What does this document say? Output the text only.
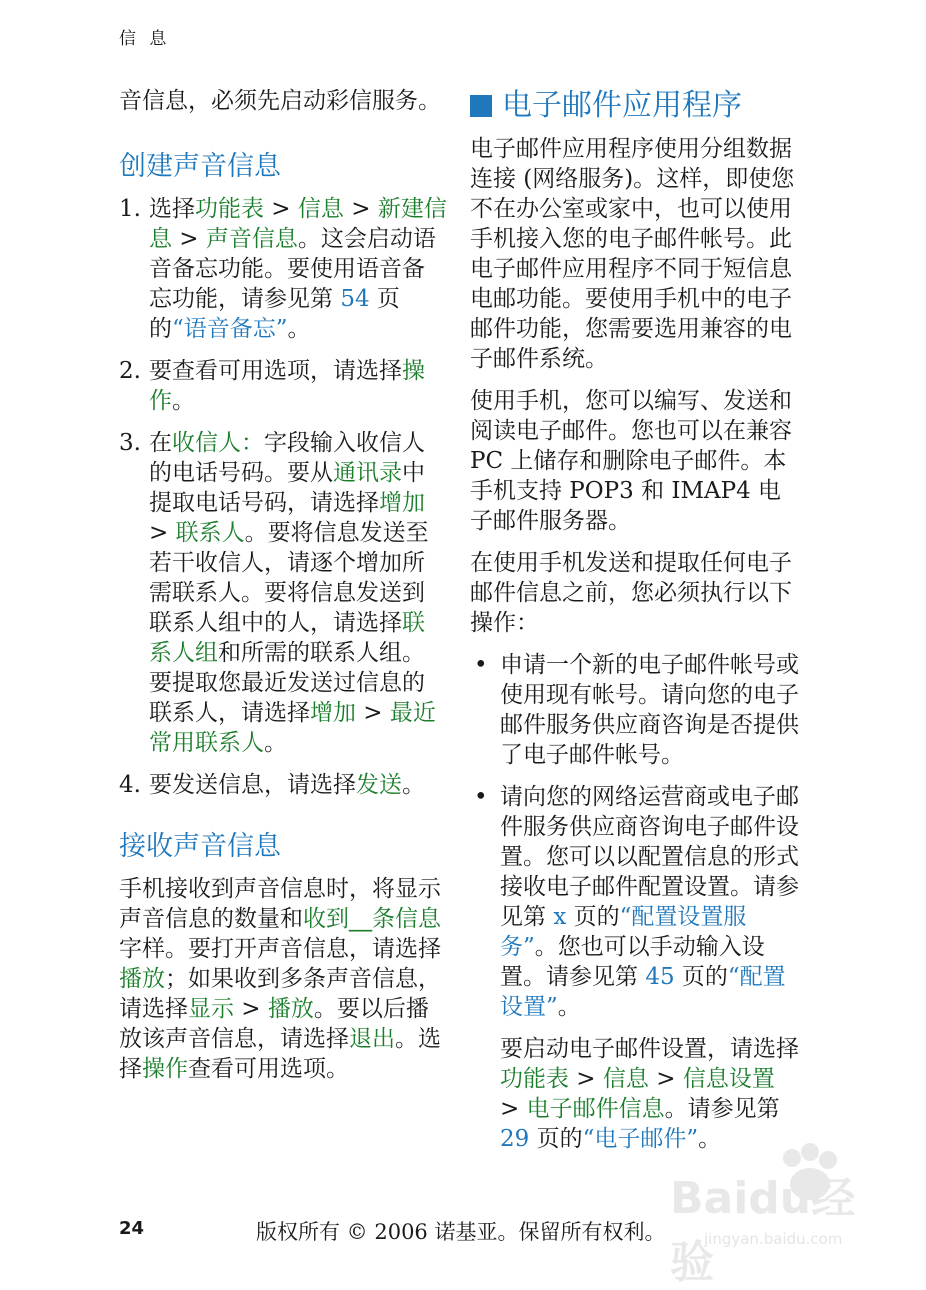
信 息

音信息，必须先启动彩信服务。

创建声音信息
1. 选择功能表 > 信息 > 新建信息 > 声音信息。这会启动语音备忘功能。要使用语音备忘功能，请参见第 54 页的“语音备忘”。
2. 要查看可用选项，请选择操作。
3. 在收信人：字段输入收信人的电话号码。要从通讯录中提取电话号码，请选择增加 > 联系人。要将信息发送至若干收信人，请逐个增加所需联系人。要将信息发送到联系人组中的人，请选择联系人组和所需的联系人组。要提取您最近发送过信息的联系人，请选择增加 > 最近常用联系人。
4. 要发送信息，请选择发送。
接收声音信息

手机接收到声音信息时，将显示声音信息的数量和收到__条信息字样。要打开声音信息，请选择播放；如果收到多条声音信息，请选择显示 > 播放。要以后播放该声音信息，请选择退出。选择操作查看可用选项。

电子邮件应用程序

电子邮件应用程序使用分组数据连接 (网络服务)。这样，即使您不在办公室或家中，也可以使用手机接入您的电子邮件帐号。此电子邮件应用程序不同于短信息电邮功能。要使用手机中的电子邮件功能，您需要选用兼容的电子邮件系统。

使用手机，您可以编写、发送和阅读电子邮件。您也可以在兼容 PC 上储存和删除电子邮件。本手机支持 POP3 和 IMAP4 电子邮件服务器。

在使用手机发送和提取任何电子邮件信息之前，您必须执行以下操作：

• 申请一个新的电子邮件帐号或使用现有帐号。请向您的电子邮件服务供应商咨询是否提供了电子邮件帐号。
• 请向您的网络运营商或电子邮件服务供应商咨询电子邮件设置。您可以以配置信息的形式接收电子邮件配置设置。请参见第 x 页的“配置设置服务”。您也可以手动输入设置。请参见第 45 页的“配置设置”。

要启动电子邮件设置，请选择功能表 > 信息 > 信息设置 > 电子邮件信息。请参见第 29 页的“电子邮件”。

24	版权所有 © 2006 诺基亚。保留所有权利。
Baidu经验
jingyan.baidu.com
